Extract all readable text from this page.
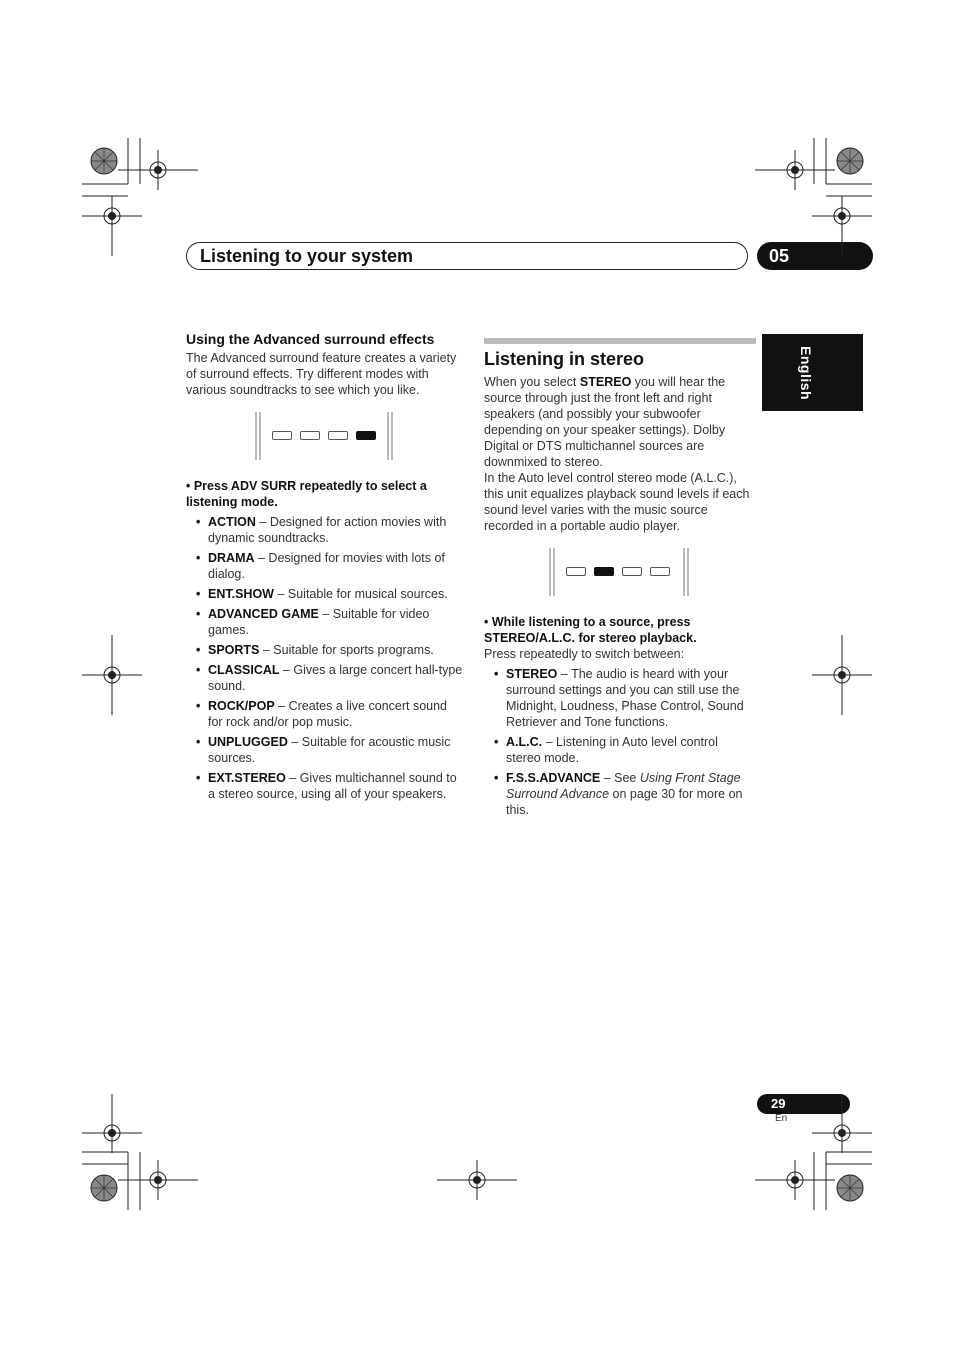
Listening to your system	05
English
Using the Advanced surround effects

The Advanced surround feature creates a variety of surround effects. Try different modes with various soundtracks to see which you like.

• Press ADV SURR repeatedly to select a listening mode.

• ACTION – Designed for action movies with dynamic soundtracks.
• DRAMA – Designed for movies with lots of dialog.
• ENT.SHOW – Suitable for musical sources.
• ADVANCED GAME – Suitable for video games.
• SPORTS – Suitable for sports programs.
• CLASSICAL – Gives a large concert hall-type sound.
• ROCK/POP – Creates a live concert sound for rock and/or pop music.
• UNPLUGGED – Suitable for acoustic music sources.
• EXT.STEREO – Gives multichannel sound to a stereo source, using all of your speakers.
Listening in stereo

When you select STEREO you will hear the source through just the front left and right speakers (and possibly your subwoofer depending on your speaker settings). Dolby Digital or DTS multichannel sources are downmixed to stereo.

In the Auto level control stereo mode (A.L.C.), this unit equalizes playback sound levels if each sound level varies with the music source recorded in a portable audio player.

• While listening to a source, press STEREO/A.L.C. for stereo playback.

Press repeatedly to switch between:

• STEREO – The audio is heard with your surround settings and you can still use the Midnight, Loudness, Phase Control, Sound Retriever and Tone functions.
• A.L.C. – Listening in Auto level control stereo mode.
• F.S.S.ADVANCE – See Using Front Stage Surround Advance on page 30 for more on this.
29
En
